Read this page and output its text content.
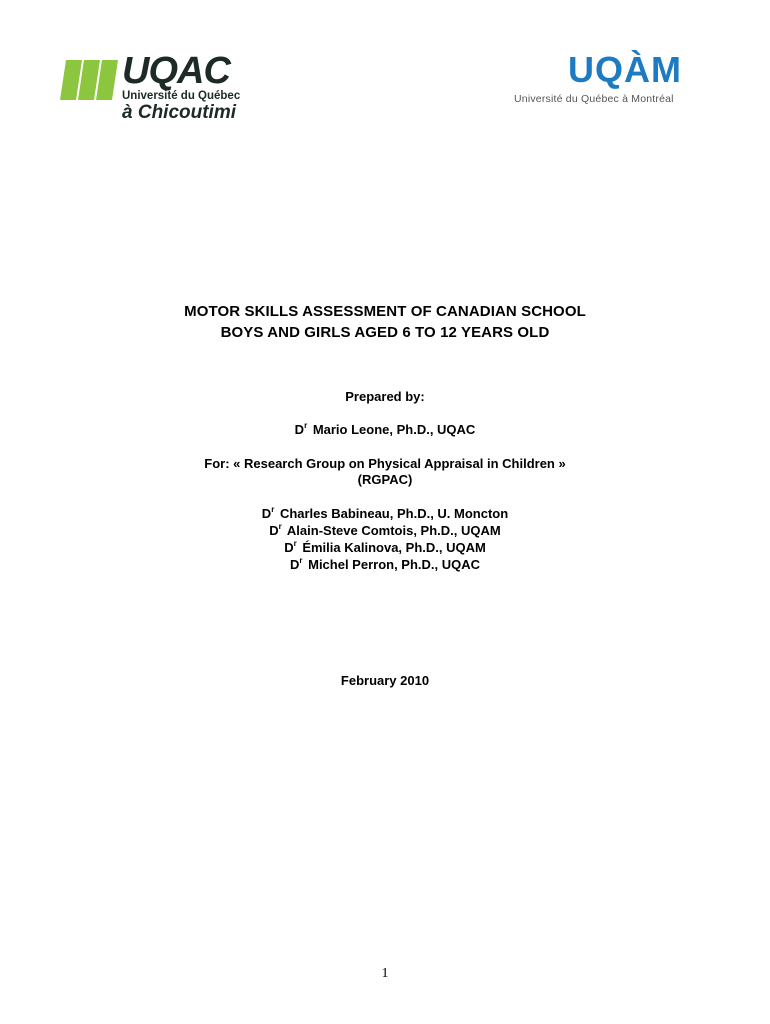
UQAC
Université du Québec
à Chicoutimi
UQÀM
Université du Québec à Montréal
MOTOR SKILLS ASSESSMENT OF CANADIAN SCHOOL
BOYS AND GIRLS AGED 6 TO 12 YEARS OLD
Prepared by:
$D^r$ Mario Leone, Ph.D., UQAC
For: « Research Group on Physical Appraisal in Children »
(RGPAC)
$D^r$ Charles Babineau, Ph.D., U. Moncton
$D^r$ Alain-Steve Comtois, Ph.D., UQAM
$D^r$ Émilia Kalinova, Ph.D., UQAM
$D^r$ Michel Perron, Ph.D., UQAC
February 2010
1
